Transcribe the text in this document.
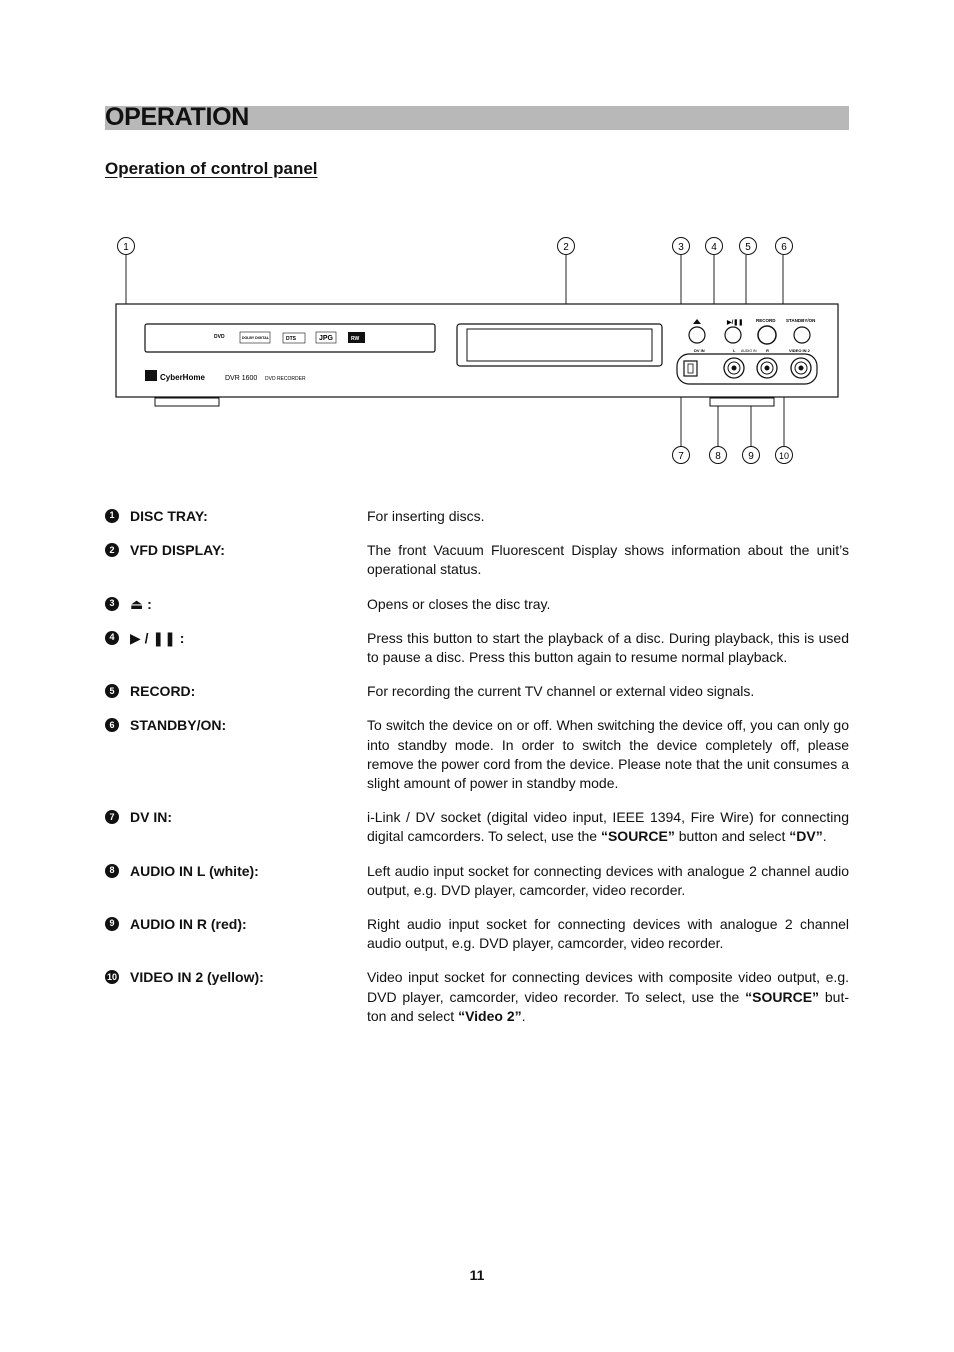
OPERATION
Operation of control panel
DVD	DOLBY DIGITAL	DTS	JPG	RW
CyberHome	DVR 1600 DVD RECORDER
▶/❚❚	RECORD STANDBY/ON
DV IN	L AUDIO IN R	VIDEO IN 2
1	2	3	4	5	6
7	8	9	10
1	DISC TRAY:	For inserting discs.
2	VFD DISPLAY:	The front Vacuum Fluorescent Display shows information about the unit’s operational status.
3	⏏ :	Opens or closes the disc tray.
4	▶ / ❚❚ :	Press this button to start the playback of a disc. During playback, this is used to pause a disc. Press this button again to resume normal playback.
5	RECORD:	For recording the current TV channel or external video signals.
6	STANDBY/ON:	To switch the device on or off. When switching the device off, you can only go into standby mode. In order to switch the device completely off, please remove the power cord from the device. Please note that the unit consumes a slight amount of power in standby mode.
7	DV IN:	i-Link / DV socket (digital video input, IEEE 1394, Fire Wire) for connecting digital camcorders. To select, use the “SOURCE” button and select “DV”.
8	AUDIO IN L (white):	Left audio input socket for connecting devices with analogue 2 channel audio output, e.g. DVD player, camcorder, video recorder.
9	AUDIO IN R (red):	Right audio input socket for connecting devices with analogue 2 channel audio output, e.g. DVD player, camcorder, video recorder.
10 VIDEO IN 2 (yellow):	Video input socket for connecting devices with composite video output, e.g. DVD player, camcorder, video recorder. To select, use the “SOURCE” but-ton and select “Video 2”.
11
